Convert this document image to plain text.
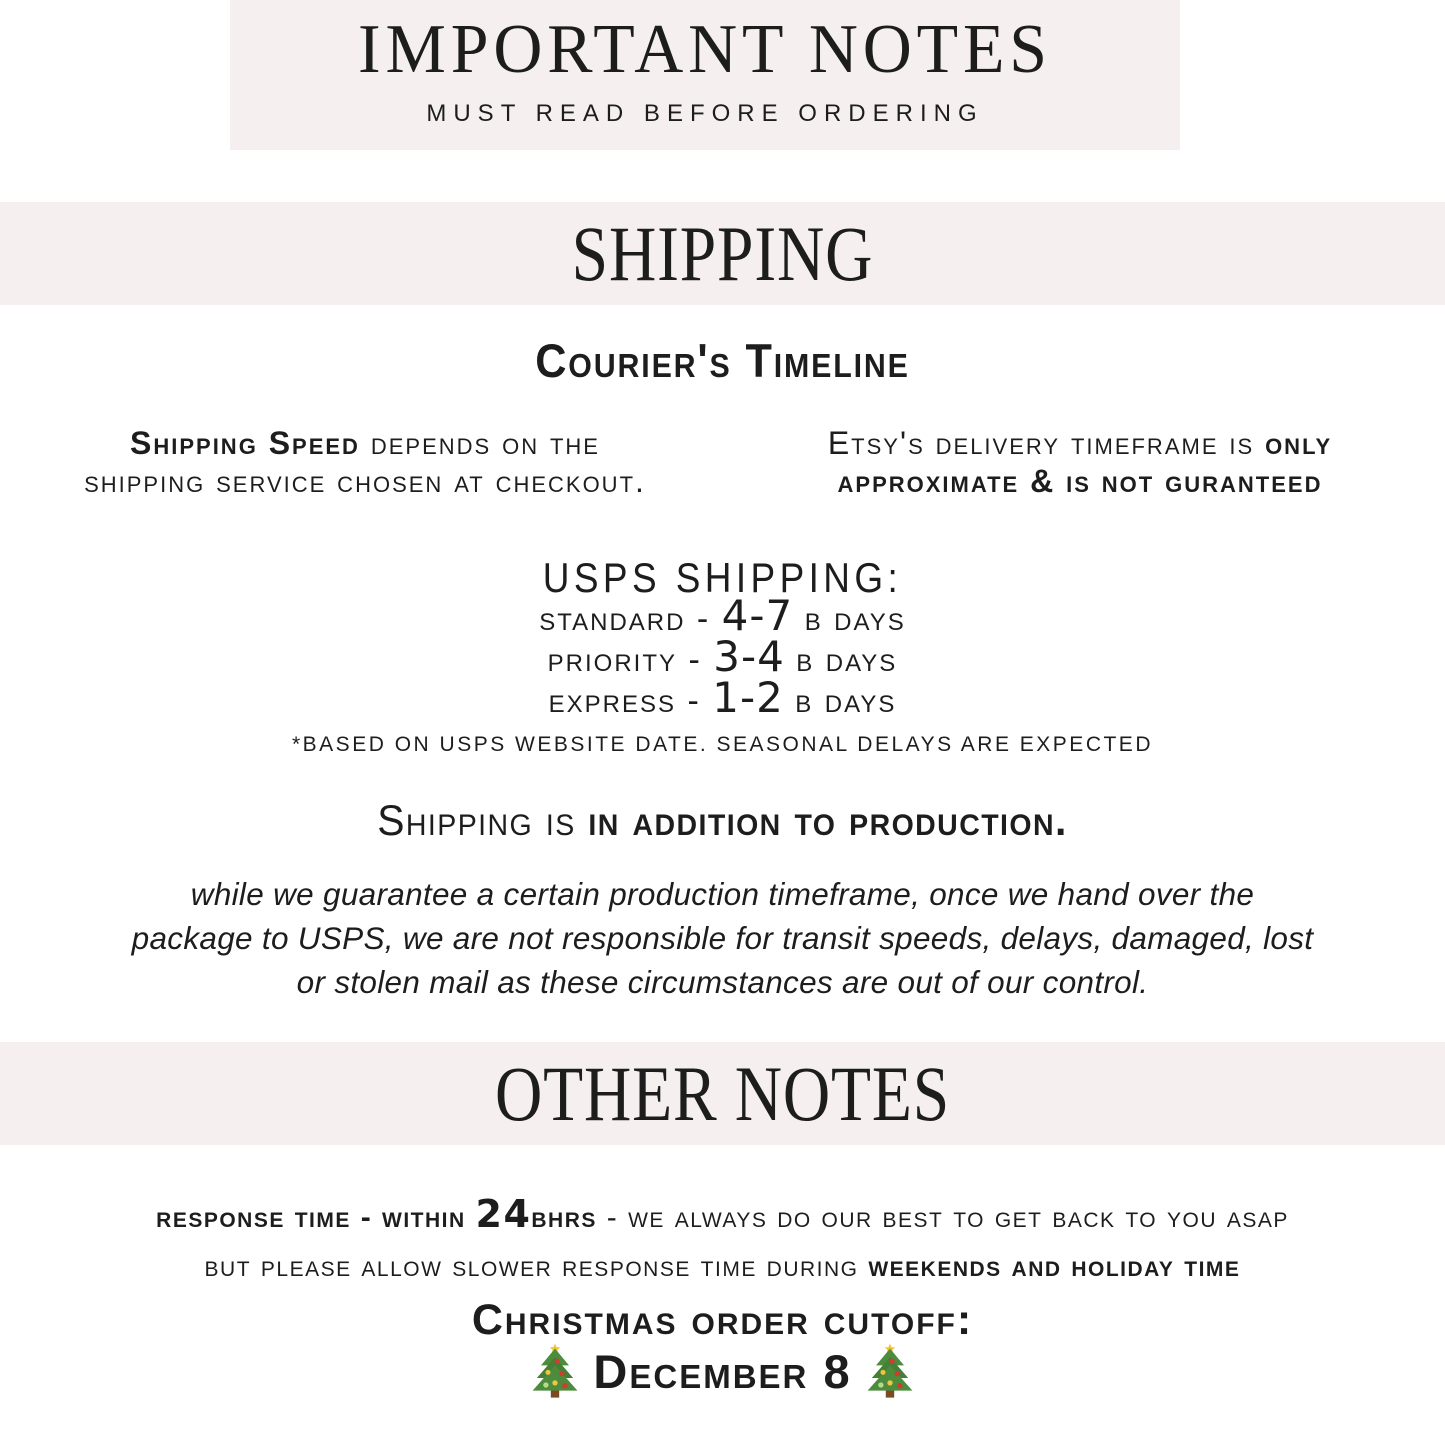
IMPORTANT NOTES
MUST READ BEFORE ORDERING
SHIPPING
Courier's Timeline
Shipping Speed depends on the
shipping service chosen at checkout.
Etsy's delivery timeframe is only
approximate & is not guranteed
USPS SHIPPING:
standard - 4-7 b days
priority - 3-4 b days
express - 1-2 b days
*BASED ON USPS WEBSITE DATE. SEASONAL DELAYS ARE EXPECTED
Shipping is in addition to production.
while we guarantee a certain production timeframe, once we hand over the
package to USPS, we are not responsible for transit speeds, delays, damaged, lost
or stolen mail as these circumstances are out of our control.
OTHER NOTES
response time - within 24bhrs - we always do our best to get back to you asap
but please allow slower response time during weekends and holiday time
Christmas order cutoff:
December 8
